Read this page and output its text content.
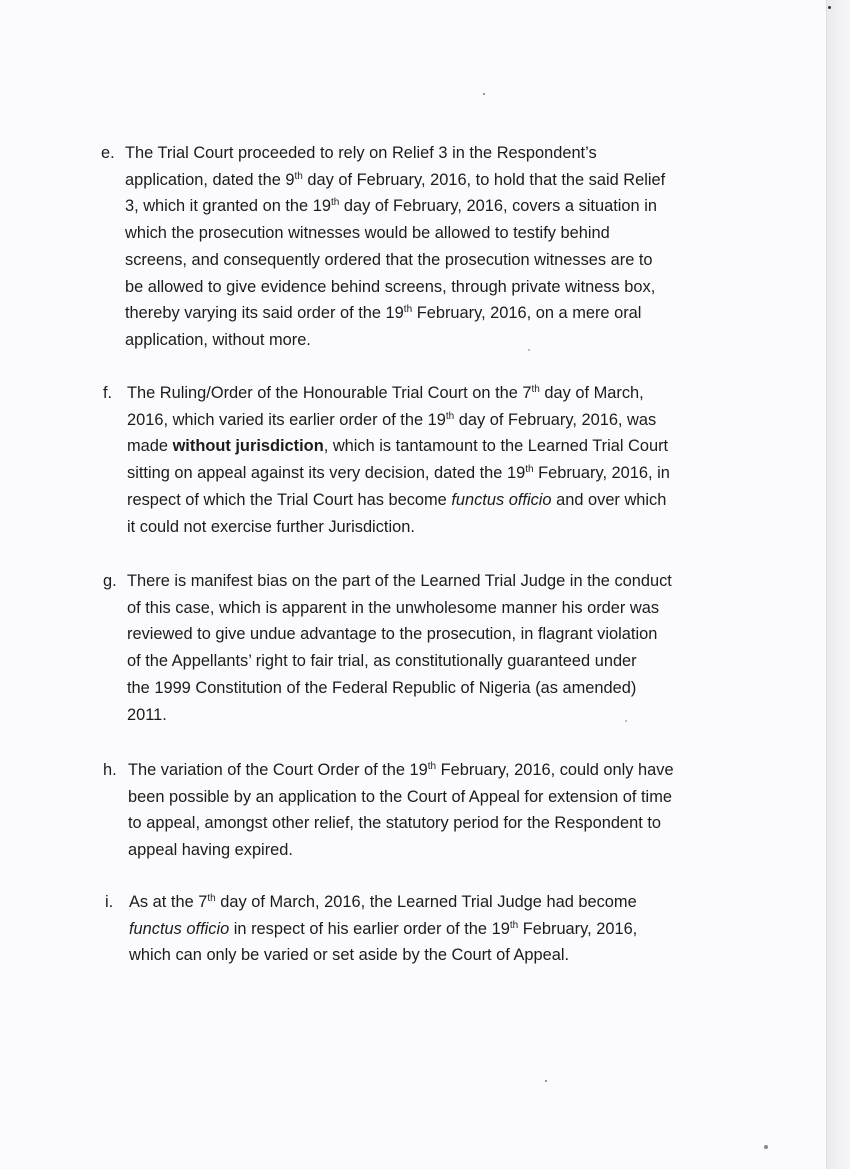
e. The Trial Court proceeded to rely on Relief 3 in the Respondent’s
application, dated the 9th day of February, 2016, to hold that the said Relief
3, which it granted on the 19th day of February, 2016, covers a situation in
which the prosecution witnesses would be allowed to testify behind
screens, and consequently ordered that the prosecution witnesses are to
be allowed to give evidence behind screens, through private witness box,
thereby varying its said order of the 19th February, 2016, on a mere oral
application, without more.
f. The Ruling/Order of the Honourable Trial Court on the 7th day of March,
2016, which varied its earlier order of the 19th day of February, 2016, was
made without jurisdiction, which is tantamount to the Learned Trial Court
sitting on appeal against its very decision, dated the 19th February, 2016, in
respect of which the Trial Court has become functus officio and over which
it could not exercise further Jurisdiction.
g. There is manifest bias on the part of the Learned Trial Judge in the conduct
of this case, which is apparent in the unwholesome manner his order was
reviewed to give undue advantage to the prosecution, in flagrant violation
of the Appellants’ right to fair trial, as constitutionally guaranteed under
the 1999 Constitution of the Federal Republic of Nigeria (as amended)
2011.
h. The variation of the Court Order of the 19th February, 2016, could only have
been possible by an application to the Court of Appeal for extension of time
to appeal, amongst other relief, the statutory period for the Respondent to
appeal having expired.
i. As at the 7th day of March, 2016, the Learned Trial Judge had become
functus officio in respect of his earlier order of the 19th February, 2016,
which can only be varied or set aside by the Court of Appeal.
